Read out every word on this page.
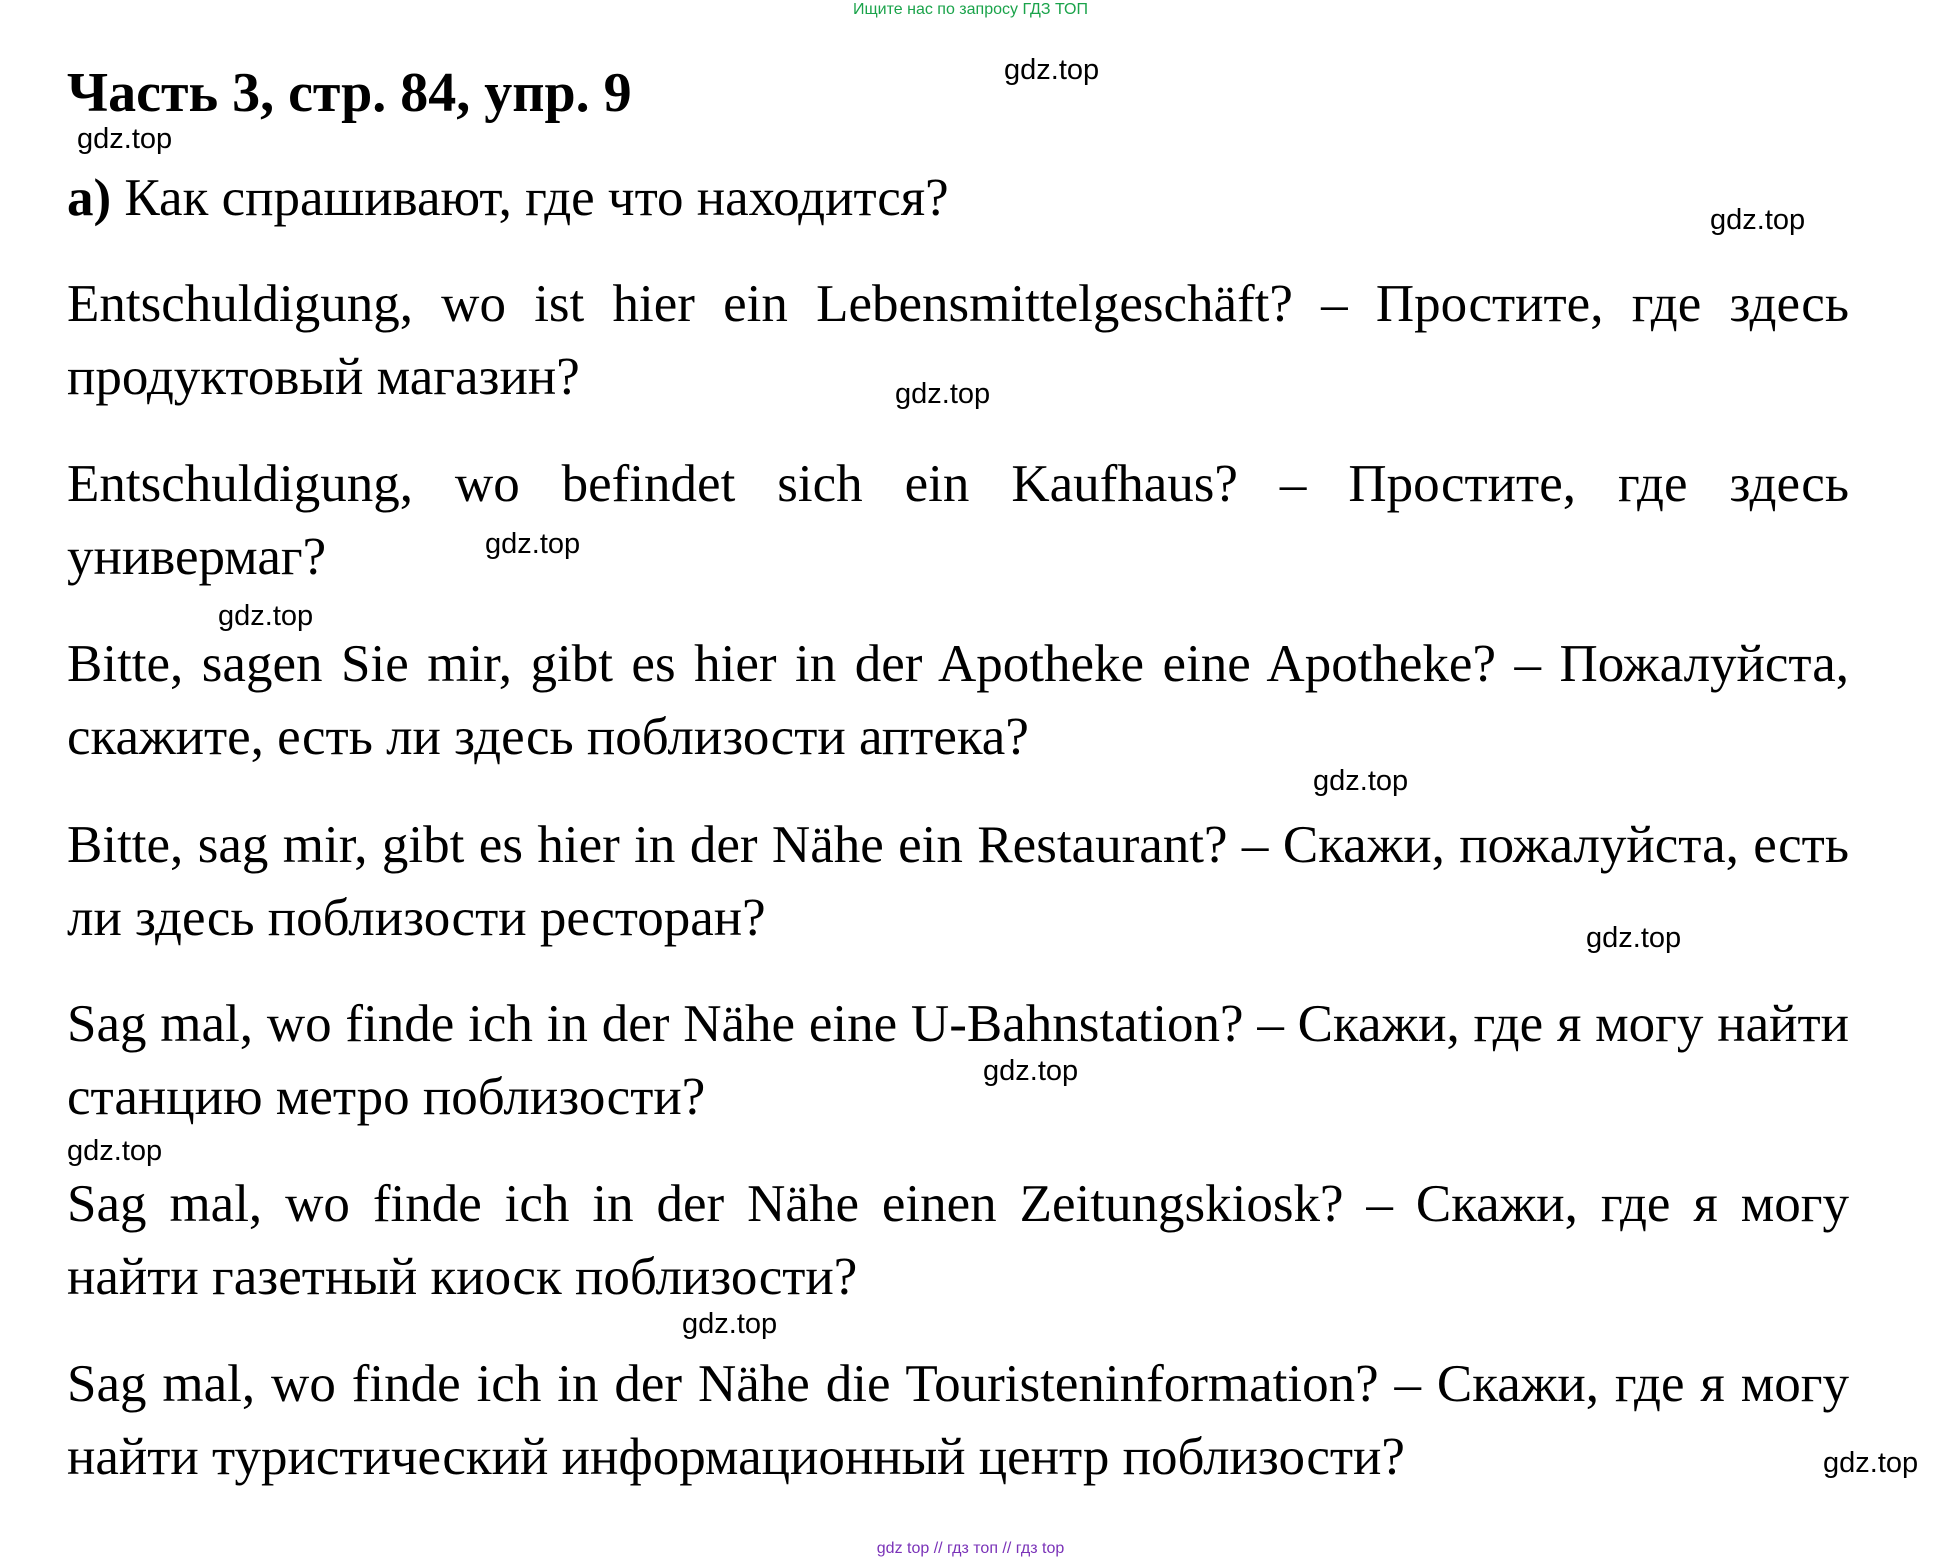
Ищите нас по запросу ГДЗ ТОП
Часть 3, стр. 84, упр. 9
а) Как спрашивают, где что находится?
Entschuldigung, wo ist hier ein Lebensmittelgeschäft? – Простите, где здесь продуктовый магазин?
Entschuldigung, wo befindet sich ein Kaufhaus? – Простите, где здесь универмаг?
Bitte, sagen Sie mir, gibt es hier in der Apotheke eine Apotheke? – Пожалуйста, скажите, есть ли здесь поблизости аптека?
Bitte, sag mir, gibt es hier in der Nähe ein Restaurant? – Скажи, пожалуйста, есть ли здесь поблизости ресторан?
Sag mal, wo finde ich in der Nähe eine U-Bahnstation? – Скажи, где я могу найти станцию метро поблизости?
Sag mal, wo finde ich in der Nähe einen Zeitungskiosk? – Скажи, где я могу найти газетный киоск поблизости?
Sag mal, wo finde ich in der Nähe die Touristeninformation? – Скажи, где я могу найти туристический информационный центр поблизости?
gdz.top
gdz.top
gdz.top
gdz.top
gdz.top
gdz.top
gdz.top
gdz.top
gdz.top
gdz.top
gdz.top
gdz.top
gdz top // гдз топ // гдз top
